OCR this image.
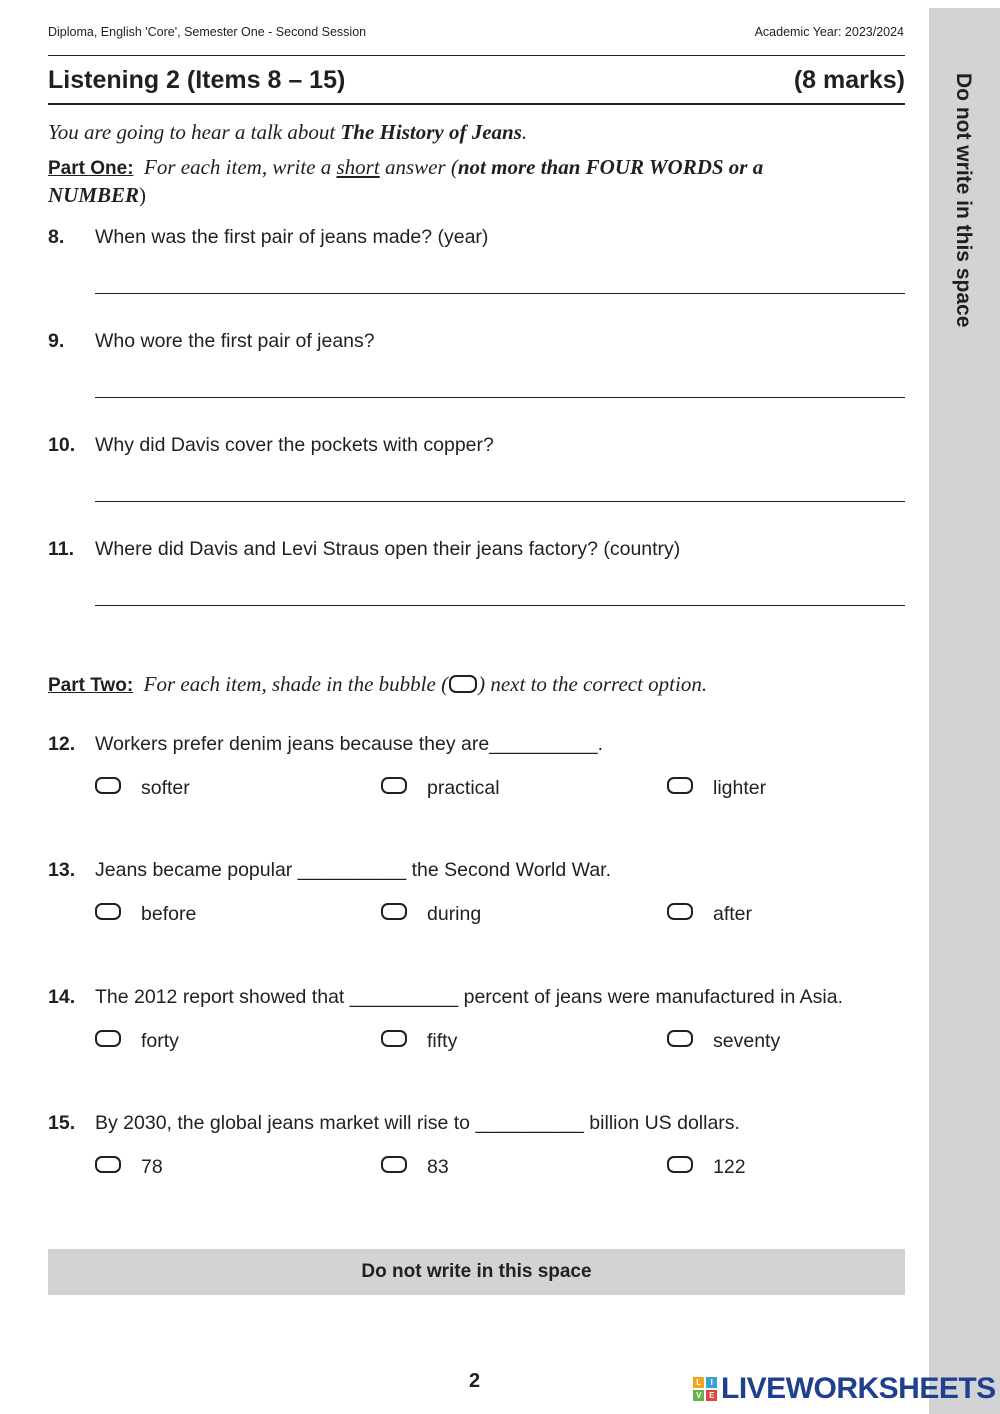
Do not write in this space
Diploma, English 'Core', Semester One - Second Session	Academic Year: 2023/2024
Listening 2 (Items 8 – 15)	(8 marks)
You are going to hear a talk about The History of Jeans.
Part One: For each item, write a short answer (not more than FOUR WORDS or a NUMBER)
8. When was the first pair of jeans made? (year)
9. Who wore the first pair of jeans?
10. Why did Davis cover the pockets with copper?
11. Where did Davis and Levi Straus open their jeans factory? (country)
Part Two: For each item, shade in the bubble ( ) next to the correct option.
12. Workers prefer denim jeans because they are__________.
softer	practical	lighter
13. Jeans became popular __________ the Second World War.
before	during	after
14. The 2012 report showed that __________ percent of jeans were manufactured in Asia.
forty	fifty	seventy
15. By 2030, the global jeans market will rise to __________ billion US dollars.
78	83	122
Do not write in this space
2	L	I
V	E LIVEWORKSHEETS
